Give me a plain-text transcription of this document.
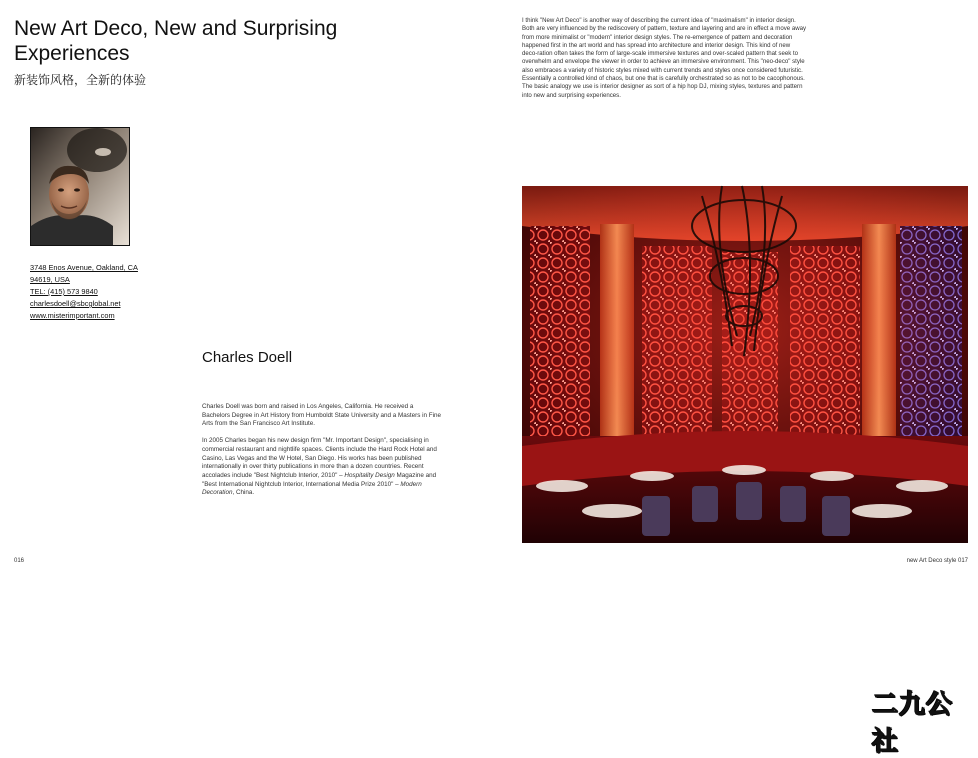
New Art Deco, New and Surprising Experiences

新装饰风格，全新的体验

3748 Enos Avenue, Oakland, CA
94619, USA
TEL: (415) 573 9840
charlesdoell@sbcglobal.net
www.misterimportant.com
Charles Doell

Charles Doell was born and raised in Los Angeles, California. He received a Bachelors Degree in Art History from Humboldt State University and a Masters in Fine Arts from the San Francisco Art Institute.

In 2005 Charles began his new design firm "Mr. Important Design", specialising in commercial restaurant and nightlife spaces. Clients include the Hard Rock Hotel and Casino, Las Vegas and the W Hotel, San Diego. His works has been published internationally in over thirty publications in more than a dozen countries. Recent accolades include "Best Nightclub Interior, 2010" – Hospitality Design Magazine and "Best International Nightclub Interior, International Media Prize 2010" – Modern Decoration, China.

016

I think "New Art Deco" is another way of describing the current idea of "maximalism" in interior design. Both are very influenced by the rediscovery of pattern, texture and layering and are in effect a move away from more minimalist or "modern" interior design styles. The re-emergence of pattern and decoration happened first in the art world and has spread into architecture and interior design. This kind of new deco-ration often takes the form of large-scale immersive textures and over-scaled pattern that seek to overwhelm and envelope the viewer in order to achieve an immersive environment. This "neo-deco" style also embraces a variety of historic styles mixed with current trends and styles once considered futuristic. Essentially a controlled kind of chaos, but one that is carefully orchestrated so as not to be cacophonous. The basic analogy we use is interior designer as sort of a hip hop DJ, mixing styles, textures and pattern into new and surprising experiences.

二九公社
new Art Deco style 017
